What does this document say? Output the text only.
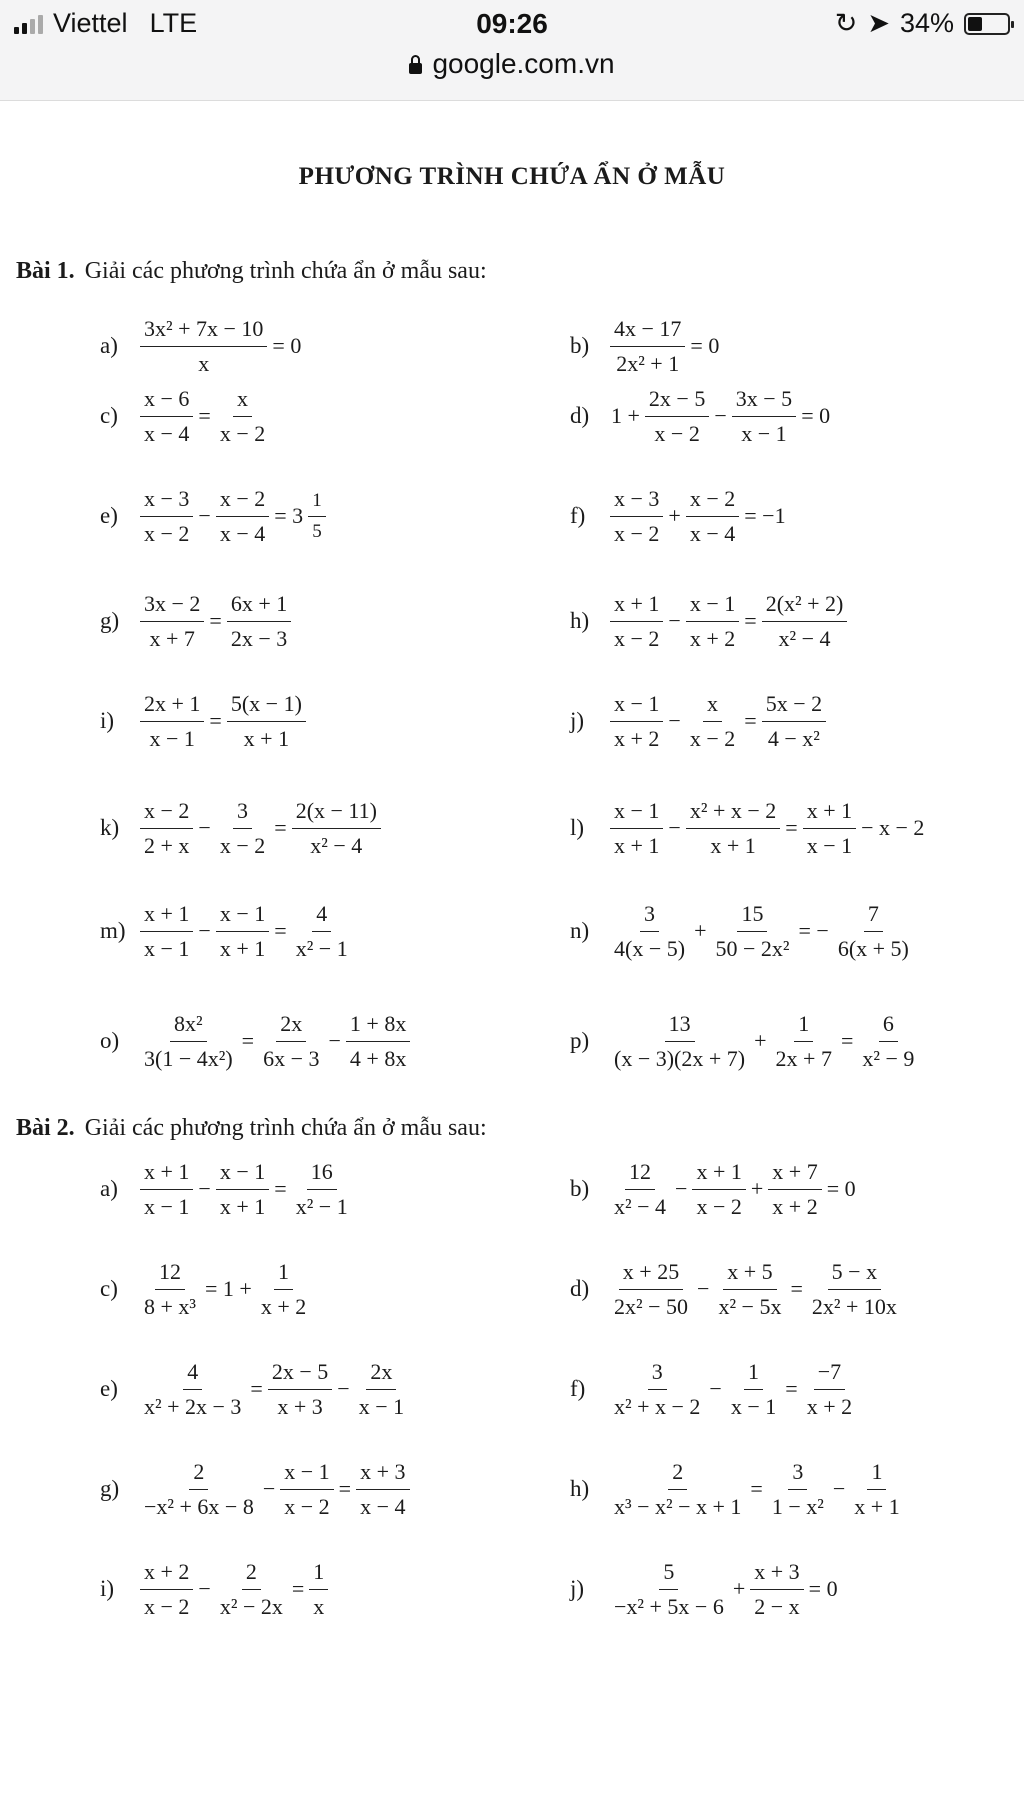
Viettel LTE	09:26	↻ ➤ 34%
google.com.vn
PHƯƠNG TRÌNH CHỨA ẨN Ở MẪU
Bài 1. Giải các phương trình chứa ẩn ở mẫu sau:
a)	$\frac{\text{3x² + 7x − 10}}{x} = 0$	$b) \frac{4x - 17}{\text{2x² + 1}} = 0$
c)	$\frac{x - 6}{x - 4} = \frac{x}{x - 2}$	d) $1 + \frac{2x - 5}{x - 2} - \frac{3x - 5}{x - 1} = 0$
e)	$\frac{x - 3}{x - 2} - \frac{x - 2}{x - 4} = 3 \frac{1}{5}$	f)	$\frac{x - 3}{x - 2} + \frac{x - 2}{x - 4} = -1$
$g) \frac{3x - 2}{x + 7} = \frac{6x + 1}{2x - 3}$	$h) \frac{x + 1}{x - 2} - \frac{x - 1}{x + 2} = \frac{\text{2(x² + 2)}}{\text{x² − 4}}$
i)	$\frac{2x + 1}{x - 1} = \frac{5(x - 1)}{x + 1}$	j)	$\frac{x - 1}{x + 2} - \frac{x}{x - 2} = \frac{5x - 2}{\text{4 − x²}}$
$k) \frac{x - 2}{2 + x} - \frac{3}{x - 2} = \frac{2(x - 11)}{\text{x² − 4}}$	l)	$\frac{x - 1}{x + 1} - \frac{\text{x² + x − 2}}{x + 1} = \frac{x + 1}{x - 1} - x - 2$
$m) \frac{x + 1}{x - 1} - \frac{x - 1}{x + 1} = \frac{4}{\text{x² − 1}}$	$n) \frac{3}{4(x - 5)} + \frac{15}{\text{50 − 2x²}}$ = − $\frac{7}{6(x + 5)}$
$o) \frac{\text{8x²}}{\text{3(1 − 4x²)}} = \frac{2x}{6x - 3} - \frac{1 + 8x}{4 + 8x}$	$p) \frac{13}{(x - 3)(2x + 7)} + \frac{1}{2x + 7} = \frac{6}{\text{x² − 9}}$
Bài 2. Giải các phương trình chứa ẩn ở mẫu sau:
a)	$\frac{x + 1}{x - 1} - \frac{x - 1}{x + 1} = \frac{16}{\text{x² − 1}}$	$b) \frac{12}{\text{x² − 4}} - \frac{x + 1}{x - 2} + \frac{x + 7}{x + 2} = 0$
c)	$\frac{12}{\text{8 + x³}} = 1 + \frac{1}{x + 2}$	$d) \frac{x + 25}{\text{2x² − 50}} - \frac{x + 5}{\text{x² − 5x}} = \frac{5 - x}{\text{2x² + 10x}}$
e)	$\frac{4}{\text{x² + 2x − 3}} = \frac{2x - 5}{x + 3} - \frac{2x}{x - 1}$	f)	$\frac{3}{\text{x² + x − 2}} - \frac{1}{x - 1} = \frac{-7}{x + 2}$
$g) \frac{2}{\text{−x² + 6x − 8}} - \frac{x - 1}{x - 2} = \frac{x + 3}{x - 4}$	$h) \frac{2}{\text{x³ − x² − x + 1}} = \frac{3}{\text{1 − x²}} - \frac{1}{x + 1}$
i)	$\frac{x + 2}{x - 2} - \frac{2}{\text{x² − 2x}} = \frac{1}{x}$	j)	$\frac{5}{\text{−x² + 5x − 6}} + \frac{x + 3}{2 - x} = 0$
